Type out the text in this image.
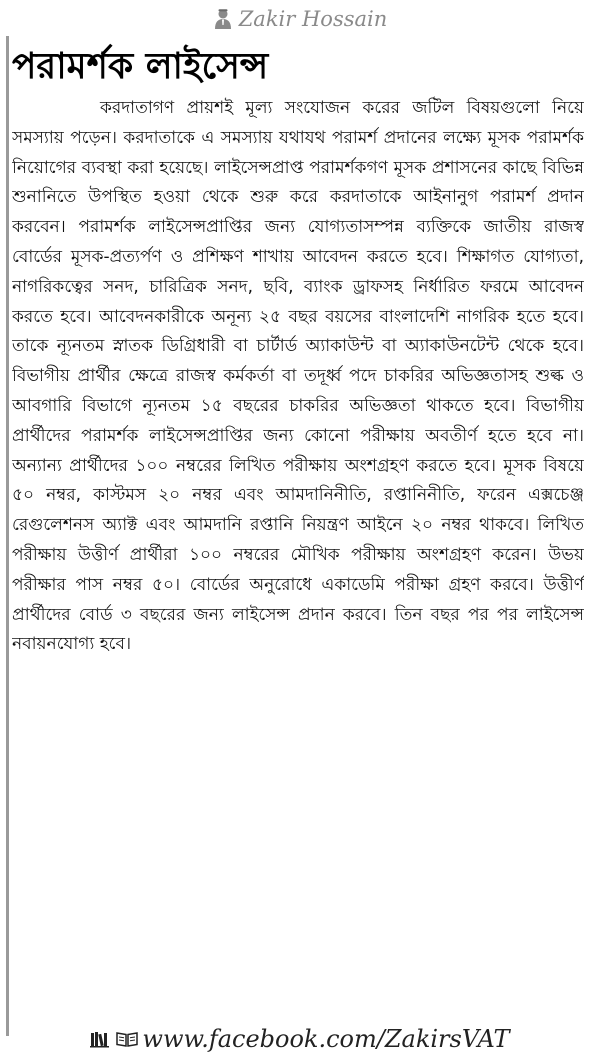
Zakir Hossain
পরামর্শক লাইসেন্স

করদাতাগণ প্রায়শই মূল্য সংযোজন করের জটিল বিষয়গুলো নিয়ে সমস্যায় পড়েন। করদাতাকে এ সমস্যায় যথাযথ পরামর্শ প্রদানের লক্ষ্যে মূসক পরামর্শক নিয়োগের ব্যবস্থা করা হয়েছে। লাইসেন্সপ্রাপ্ত পরামর্শকগণ মূসক প্রশাসনের কাছে বিভিন্ন শুনানিতে উপস্থিত হওয়া থেকে শুরু করে করদাতাকে আইনানুগ পরামর্শ প্রদান করবেন। পরামর্শক লাইসেন্সপ্রাপ্তির জন্য যোগ্যতাসম্পন্ন ব্যক্তিকে জাতীয় রাজস্ব বোর্ডের মূসক-প্রত্যর্পণ ও প্রশিক্ষণ শাখায় আবেদন করতে হবে। শিক্ষাগত যোগ্যতা, নাগরিকত্বের সনদ, চারিত্রিক সনদ, ছবি, ব্যাংক ড্রাফসহ নির্ধারিত ফরমে আবেদন করতে হবে। আবেদনকারীকে অনূন্য ২৫ বছর বয়সের বাংলাদেশি নাগরিক হতে হবে। তাকে ন্যূনতম স্নাতক ডিগ্রিধারী বা চার্টার্ড অ্যাকাউন্ট বা অ্যাকাউনটেন্ট থেকে হবে। বিভাগীয় প্রার্থীর ক্ষেত্রে রাজস্ব কর্মকর্তা বা তদূর্ধ্ব পদে চাকরির অভিজ্ঞতাসহ শুল্ক ও আবগারি বিভাগে ন্যূনতম ১৫ বছরের চাকরির অভিজ্ঞতা থাকতে হবে। বিভাগীয় প্রার্থীদের পরামর্শক লাইসেন্সপ্রাপ্তির জন্য কোনো পরীক্ষায় অবতীর্ণ হতে হবে না। অন্যান্য প্রার্থীদের ১০০ নম্বরের লিখিত পরীক্ষায় অংশগ্রহণ করতে হবে। মূসক বিষয়ে ৫০ নম্বর, কাস্টমস ২০ নম্বর এবং আমদানিনীতি, রপ্তানিনীতি, ফরেন এক্সচেঞ্জ রেগুলেশনস অ্যাক্ট এবং আমদানি রপ্তানি নিয়ন্ত্রণ আইনে ২০ নম্বর থাকবে। লিখিত পরীক্ষায় উত্তীর্ণ প্রার্থীরা ১০০ নম্বরের মৌখিক পরীক্ষায় অংশগ্রহণ করেন। উভয় পরীক্ষার পাস নম্বর ৫০। বোর্ডের অনুরোধে একাডেমি পরীক্ষা গ্রহণ করবে। উত্তীর্ণ প্রার্থীদের বোর্ড ৩ বছরের জন্য লাইসেন্স প্রদান করবে। তিন বছর পর পর লাইসেন্স নবায়নযোগ্য হবে।

www.facebook.com/ZakirsVAT
